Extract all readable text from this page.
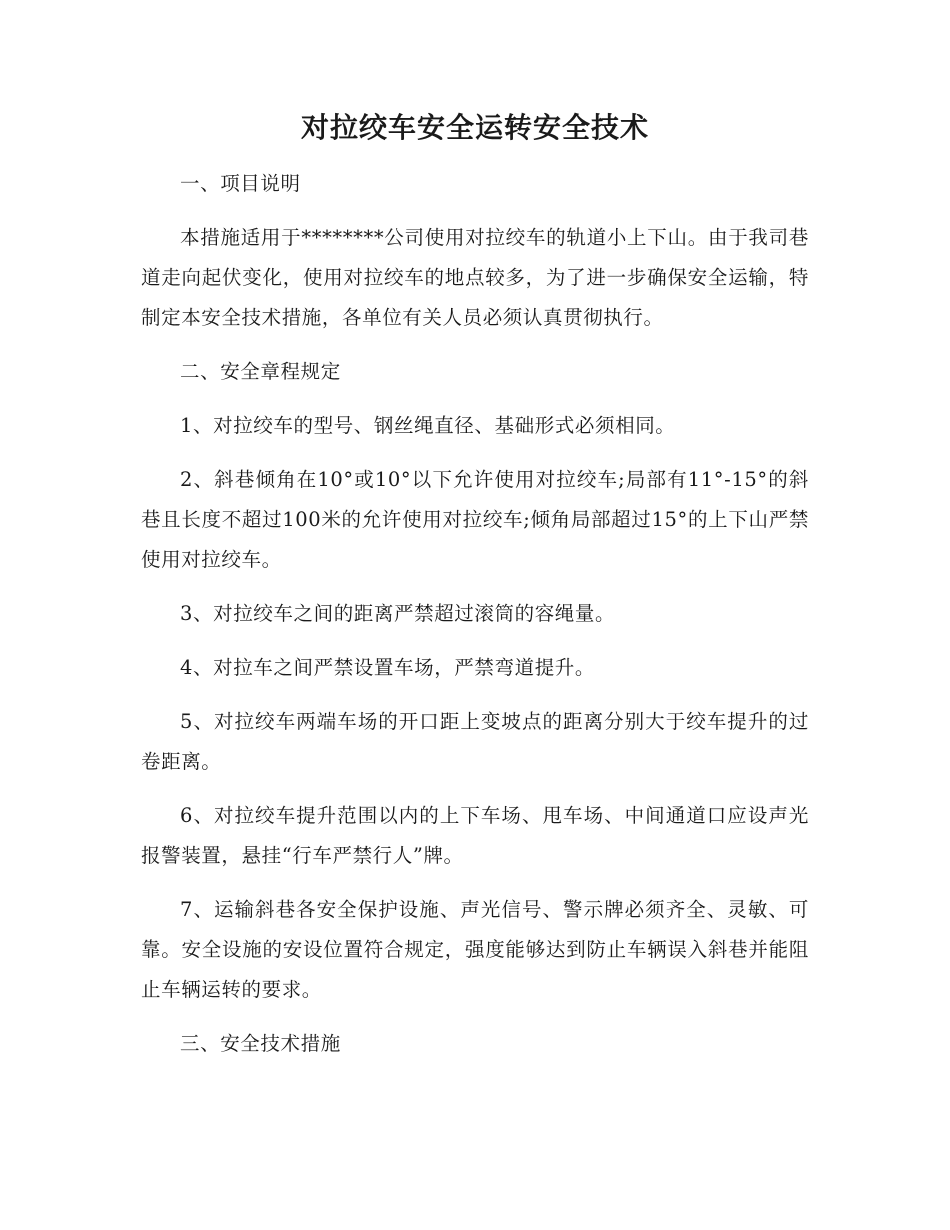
对拉绞车安全运转安全技术

一、项目说明

本措施适用于********公司使用对拉绞车的轨道小上下山。由于我司巷道走向起伏变化，使用对拉绞车的地点较多，为了进一步确保安全运输，特制定本安全技术措施，各单位有关人员必须认真贯彻执行。

二、安全章程规定

1、对拉绞车的型号、钢丝绳直径、基础形式必须相同。

2、斜巷倾角在10°或10°以下允许使用对拉绞车;局部有11°-15°的斜巷且长度不超过100米的允许使用对拉绞车;倾角局部超过15°的上下山严禁使用对拉绞车。

3、对拉绞车之间的距离严禁超过滚筒的容绳量。

4、对拉车之间严禁设置车场，严禁弯道提升。

5、对拉绞车两端车场的开口距上变坡点的距离分别大于绞车提升的过卷距离。

6、对拉绞车提升范围以内的上下车场、甩车场、中间通道口应设声光报警装置，悬挂“行车严禁行人”牌。

7、运输斜巷各安全保护设施、声光信号、警示牌必须齐全、灵敏、可靠。安全设施的安设位置符合规定，强度能够达到防止车辆误入斜巷并能阻止车辆运转的要求。

三、安全技术措施
